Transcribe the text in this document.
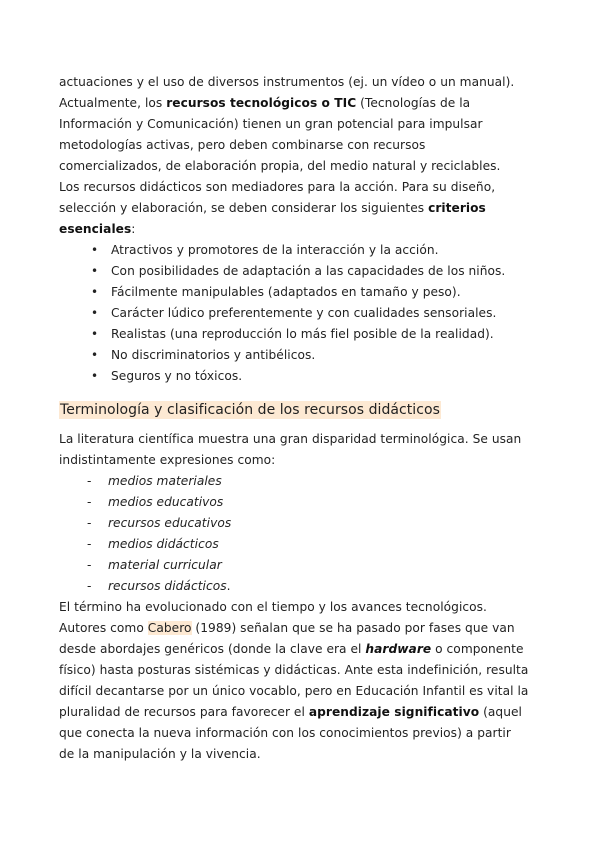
actuaciones y el uso de diversos instrumentos (ej. un vídeo o un manual).

Actualmente, los recursos tecnológicos o TIC (Tecnologías de la Información y Comunicación) tienen un gran potencial para impulsar metodologías activas, pero deben combinarse con recursos comercializados, de elaboración propia, del medio natural y reciclables.

Los recursos didácticos son mediadores para la acción. Para su diseño, selección y elaboración, se deben considerar los siguientes criterios esenciales:

• Atractivos y promotores de la interacción y la acción.
• Con posibilidades de adaptación a las capacidades de los niños.
• Fácilmente manipulables (adaptados en tamaño y peso).
• Carácter lúdico preferentemente y con cualidades sensoriales.
• Realistas (una reproducción lo más fiel posible de la realidad).
• No discriminatorios y antibélicos.
• Seguros y no tóxicos.

Terminología y clasificación de los recursos didácticos

La literatura científica muestra una gran disparidad terminológica. Se usan indistintamente expresiones como:

- medios materiales
- medios educativos
- recursos educativos
- medios didácticos
- material curricular
- recursos didácticos.

El término ha evolucionado con el tiempo y los avances tecnológicos. Autores como Cabero (1989) señalan que se ha pasado por fases que van desde abordajes genéricos (donde la clave era el hardware o componente físico) hasta posturas sistémicas y didácticas. Ante esta indefinición, resulta difícil decantarse por un único vocablo, pero en Educación Infantil es vital la pluralidad de recursos para favorecer el aprendizaje significativo (aquel que conecta la nueva información con los conocimientos previos) a partir de la manipulación y la vivencia.
